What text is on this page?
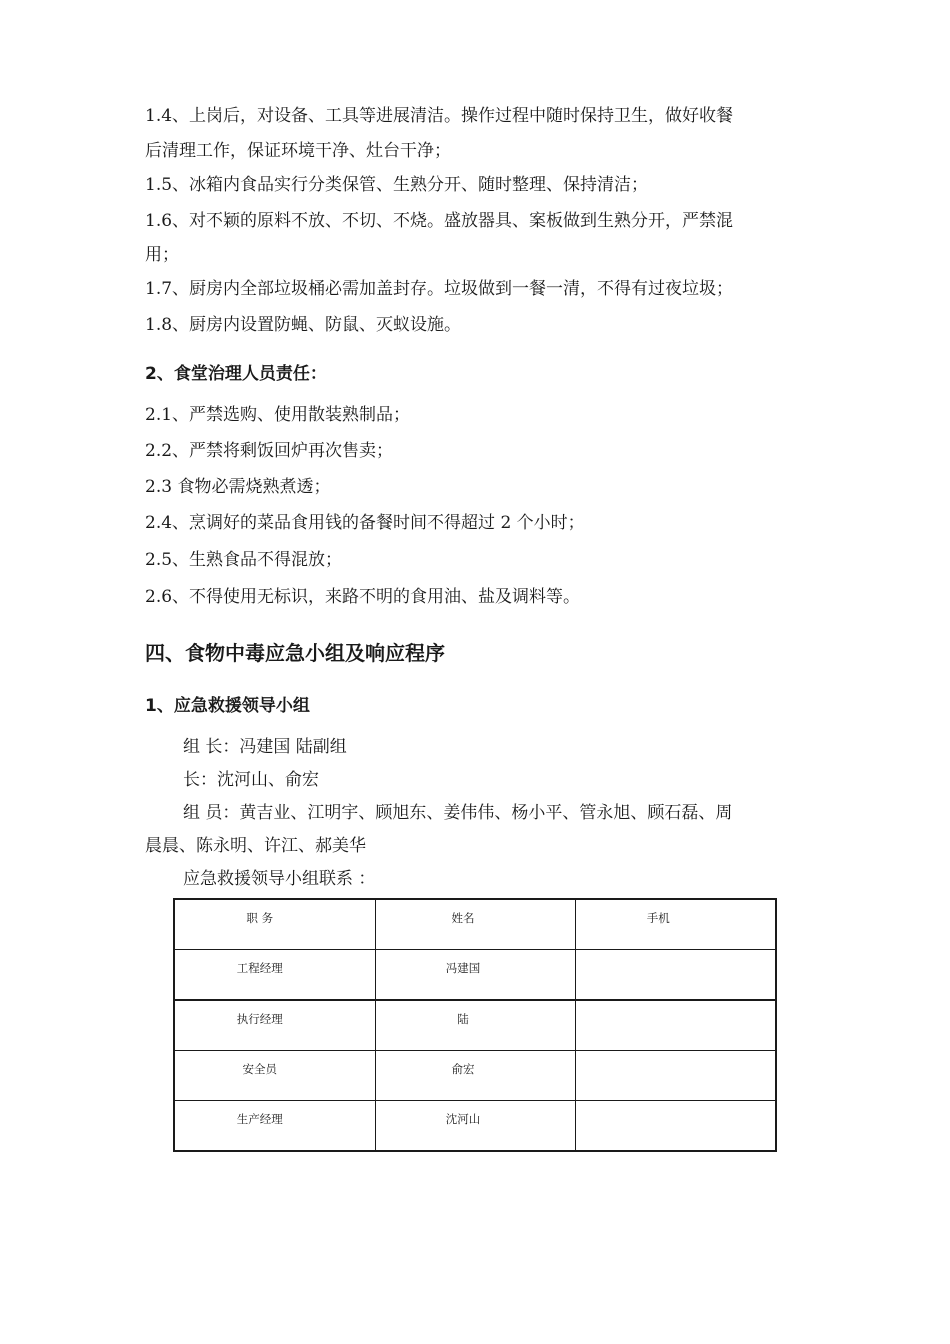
1.4、上岗后，对设备、工具等进展清洁。操作过程中随时保持卫生，做好收餐
后清理工作，保证环境干净、灶台干净；
1.5、冰箱内食品实行分类保管、生熟分开、随时整理、保持清洁；
1.6、对不颖的原料不放、不切、不烧。盛放器具、案板做到生熟分开，严禁混
用；
1.7、厨房内全部垃圾桶必需加盖封存。垃圾做到一餐一清，不得有过夜垃圾；
1.8、厨房内设置防蝇、防鼠、灭蚁设施。
2、食堂治理人员责任：
2.1、严禁选购、使用散装熟制品；
2.2、严禁将剩饭回炉再次售卖；
2.3 食物必需烧熟煮透；
2.4、烹调好的菜品食用钱的备餐时间不得超过 2 个小时；
2.5、生熟食品不得混放；
2.6、不得使用无标识，来路不明的食用油、盐及调料等。
四、食物中毒应急小组及响应程序
1、应急救援领导小组
组 长：冯建国 陆副组
长：沈河山、俞宏
组 员：黄吉业、江明宇、顾旭东、姜伟伟、杨小平、管永旭、顾石磊、周
晨晨、陈永明、许江、郝美华
应急救援领导小组联系 ：
职 务	姓名	手机

工程经理	冯建国	

执行经理	陆	

安全员	俞宏	

生产经理	沈河山	
